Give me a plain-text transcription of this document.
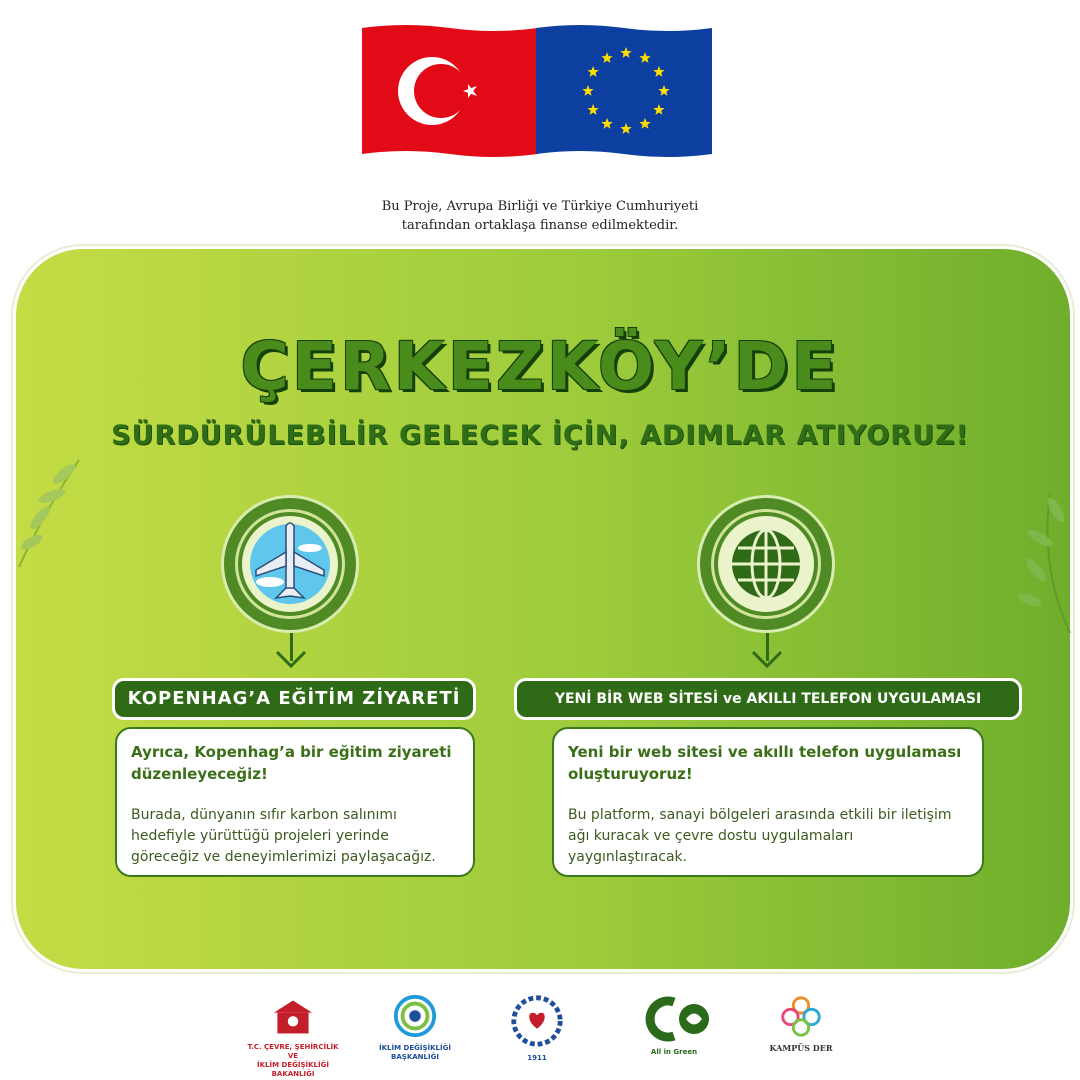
Bu Proje, Avrupa Birliği ve Türkiye Cumhuriyeti
tarafından ortaklaşa finanse edilmektedir.
ÇERKEZKÖY’DE
SÜRDÜRÜLEBİLİR GELECEK İÇİN, ADIMLAR ATIYORUZ!
KOPENHAG’A EĞİTİM ZİYARETİ	YENİ BİR WEB SİTESİ ve AKILLI TELEFON UYGULAMASI
Ayrıca, Kopenhag’a bir eğitim ziyareti düzenleyeceğiz!
Burada, dünyanın sıfır karbon salınımı hedefiyle yürüttüğü projeleri yerinde göreceğiz ve deneyimlerimizi paylaşacağız.
Yeni bir web sitesi ve akıllı telefon uygulaması oluşturuyoruz!
Bu platform, sanayi bölgeleri arasında etkili bir iletişim ağı kuracak ve çevre dostu uygulamaları yaygınlaştıracak.
T.C. ÇEVRE, ŞEHİRCİLİK VE
İKLİM DEĞİŞİKLİĞİ BAKANLIĞI
İKLİM DEĞİŞİKLİĞİ
BAŞKANLIĞI	1911
All in Green	KAMPÜS DER
